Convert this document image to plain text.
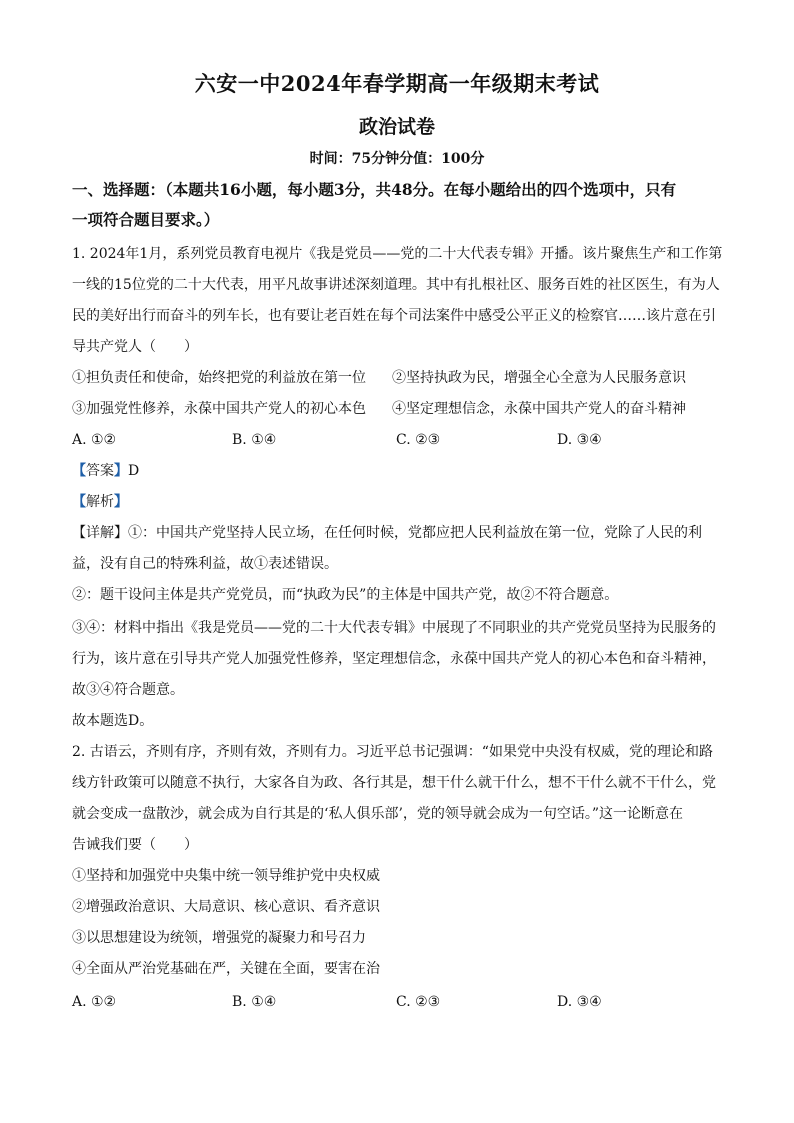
六安一中2024年春学期高一年级期末考试
政治试卷
时间：75分钟分值：100分
一、选择题：（本题共16小题，每小题3分，共48分。在每小题给出的四个选项中，只有
一项符合题目要求。）
1. 2024年1月，系列党员教育电视片《我是党员——党的二十大代表专辑》开播。该片聚焦生产和工作第
一线的15位党的二十大代表，用平凡故事讲述深刻道理。其中有扎根社区、服务百姓的社区医生，有为人
民的美好出行而奋斗的列车长，也有要让老百姓在每个司法案件中感受公平正义的检察官……该片意在引
导共产党人（　　）
①担负责任和使命，始终把党的利益放在第一位 ②坚持执政为民，增强全心全意为人民服务意识
③加强党性修养，永葆中国共产党人的初心本色 ④坚定理想信念，永葆中国共产党人的奋斗精神
A. ①②	B. ①④	C. ②③	D. ③④
【答案】D
【解析】
【详解】①：中国共产党坚持人民立场，在任何时候，党都应把人民利益放在第一位，党除了人民的利
益，没有自己的特殊利益，故①表述错误。
②：题干设问主体是共产党党员，而“执政为民”的主体是中国共产党，故②不符合题意。
③④：材料中指出《我是党员——党的二十大代表专辑》中展现了不同职业的共产党党员坚持为民服务的
行为，该片意在引导共产党人加强党性修养，坚定理想信念，永葆中国共产党人的初心本色和奋斗精神，
故③④符合题意。
故本题选D。
2. 古语云，齐则有序，齐则有效，齐则有力。习近平总书记强调：“如果党中央没有权威，党的理论和路
线方针政策可以随意不执行，大家各自为政、各行其是，想干什么就干什么，想不干什么就不干什么，党
就会变成一盘散沙，就会成为自行其是的‘私人俱乐部’，党的领导就会成为一句空话。”这一论断意在
告诫我们要（　　）
①坚持和加强党中央集中统一领导维护党中央权威
②增强政治意识、大局意识、核心意识、看齐意识
③以思想建设为统领，增强党的凝聚力和号召力
④全面从严治党基础在严，关键在全面，要害在治
A. ①②	B. ①④	C. ②③	D. ③④
